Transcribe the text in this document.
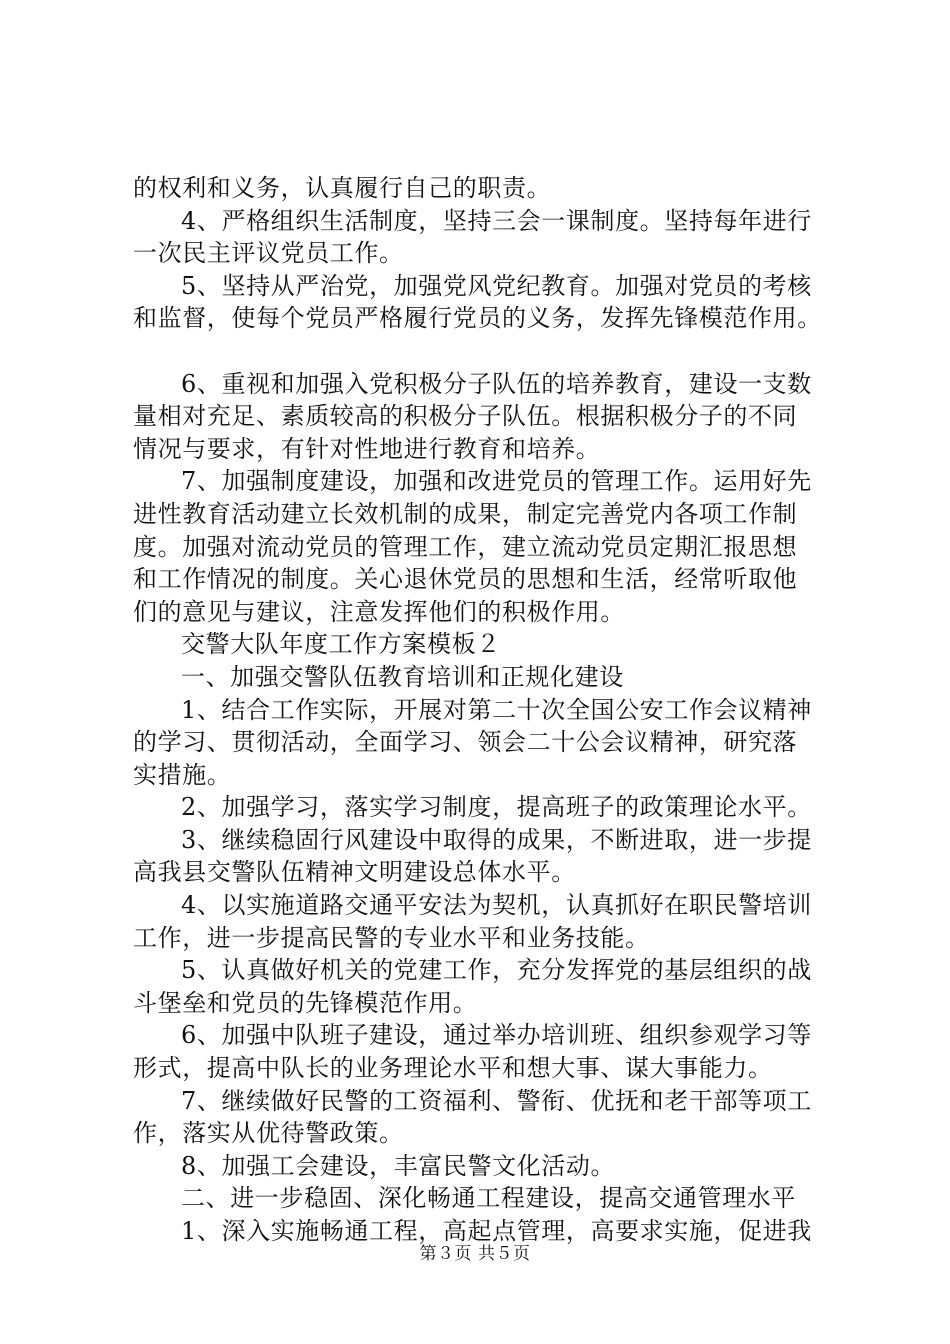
的权利和义务，认真履行自己的职责。
4、严格组织生活制度，坚持三会一课制度。坚持每年进行
一次民主评议党员工作。
5、坚持从严治党，加强党风党纪教育。加强对党员的考核
和监督，使每个党员严格履行党员的义务，发挥先锋模范作用。
6、重视和加强入党积极分子队伍的培养教育，建设一支数
量相对充足、素质较高的积极分子队伍。根据积极分子的不同
情况与要求，有针对性地进行教育和培养。
7、加强制度建设，加强和改进党员的管理工作。运用好先
进性教育活动建立长效机制的成果，制定完善党内各项工作制
度。加强对流动党员的管理工作，建立流动党员定期汇报思想
和工作情况的制度。关心退休党员的思想和生活，经常听取他
们的意见与建议，注意发挥他们的积极作用。
交警大队年度工作方案模板２
一、加强交警队伍教育培训和正规化建设
1、结合工作实际，开展对第二十次全国公安工作会议精神
的学习、贯彻活动，全面学习、领会二十公会议精神，研究落
实措施。
2、加强学习，落实学习制度，提高班子的政策理论水平。
3、继续稳固行风建设中取得的成果，不断进取，进一步提
高我县交警队伍精神文明建设总体水平。
4、以实施道路交通平安法为契机，认真抓好在职民警培训
工作，进一步提高民警的专业水平和业务技能。
5、认真做好机关的党建工作，充分发挥党的基层组织的战
斗堡垒和党员的先锋模范作用。
6、加强中队班子建设，通过举办培训班、组织参观学习等
形式，提高中队长的业务理论水平和想大事、谋大事能力。
7、继续做好民警的工资福利、警衔、优抚和老干部等项工
作，落实从优待警政策。
8、加强工会建设，丰富民警文化活动。
二、进一步稳固、深化畅通工程建设，提高交通管理水平
1、深入实施畅通工程，高起点管理，高要求实施，促进我
第３页 共５页
